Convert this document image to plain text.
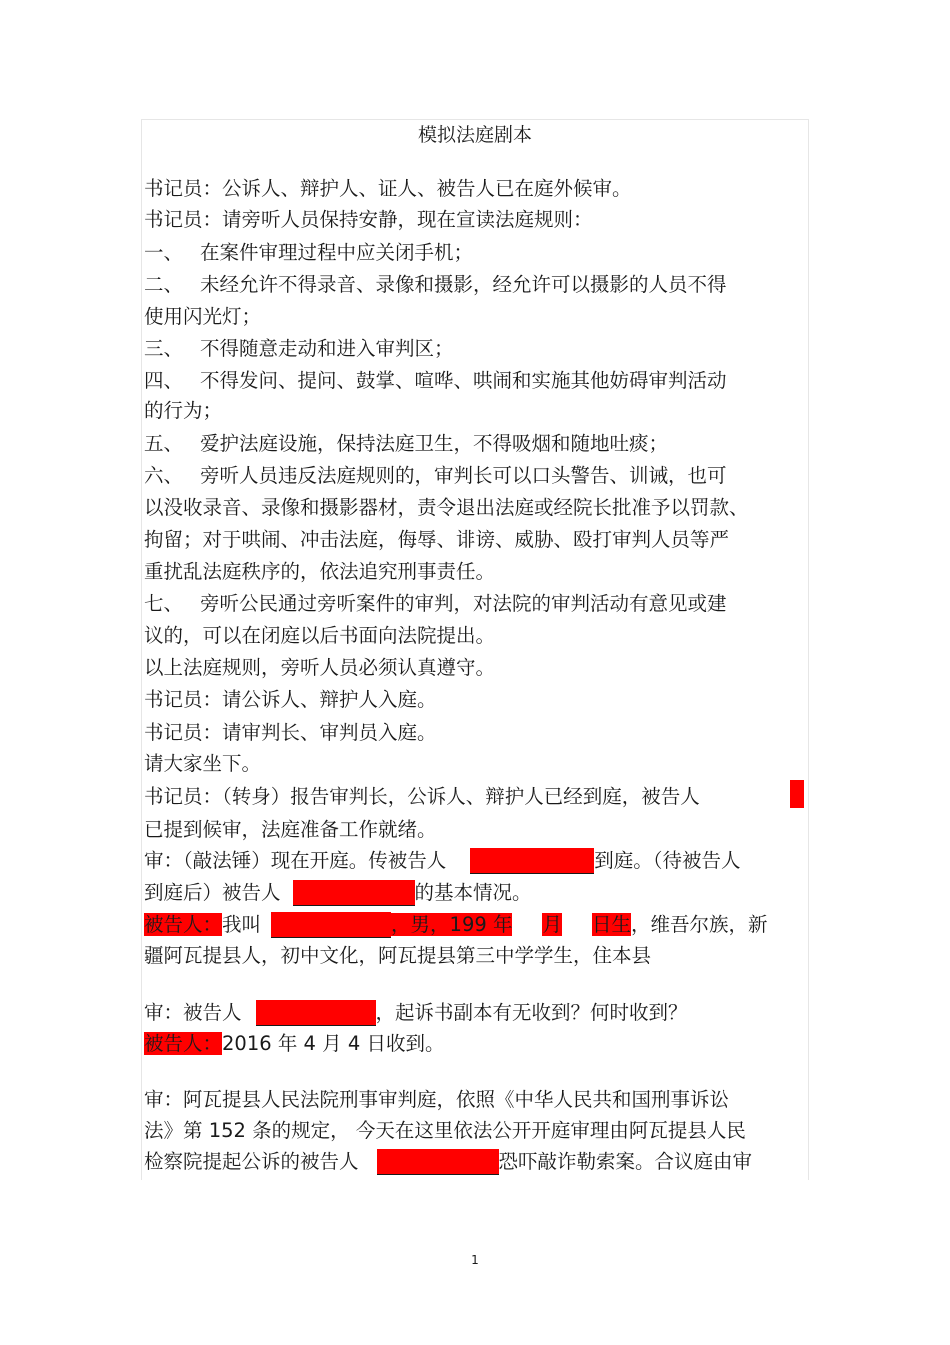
模拟法庭剧本
书记员：公诉人、辩护人、证人、被告人已在庭外候审。
书记员：请旁听人员保持安静，现在宣读法庭规则：
一、 在案件审理过程中应关闭手机；
二、 未经允许不得录音、录像和摄影，经允许可以摄影的人员不得
使用闪光灯；
三、 不得随意走动和进入审判区；
四、 不得发问、提问、鼓掌、喧哗、哄闹和实施其他妨碍审判活动
的行为；
五、 爱护法庭设施，保持法庭卫生，不得吸烟和随地吐痰；
六、 旁听人员违反法庭规则的，审判长可以口头警告、训诫，也可
以没收录音、录像和摄影器材，责令退出法庭或经院长批准予以罚款、
拘留；对于哄闹、冲击法庭，侮辱、诽谤、威胁、殴打审判人员等严
重扰乱法庭秩序的，依法追究刑事责任。
七、 旁听公民通过旁听案件的审判，对法院的审判活动有意见或建
议的，可以在闭庭以后书面向法院提出。
以上法庭规则，旁听人员必须认真遵守。
书记员：请公诉人、辩护人入庭。
书记员：请审判长、审判员入庭。
请大家坐下。
书记员：（转身）报告审判长，公诉人、辩护人已经到庭，被告人
已提到候审，法庭准备工作就绪。
审：（敲法锤）现在开庭。传被告人	到庭。（待被告人
到庭后）被告人	的基本情况。
被告人：我叫	，男，199 年 月 日生，维吾尔族，新
疆阿瓦提县人，初中文化，阿瓦提县第三中学学生，住本县
审：被告人	，起诉书副本有无收到？何时收到？
被告人：2016 年 4 月 4 日收到。
审：阿瓦提县人民法院刑事审判庭，依照《中华人民共和国刑事诉讼
法》第 152 条的规定， 今天在这里依法公开开庭审理由阿瓦提县人民
检察院提起公诉的被告人	恐吓敲诈勒索案。合议庭由审
1
